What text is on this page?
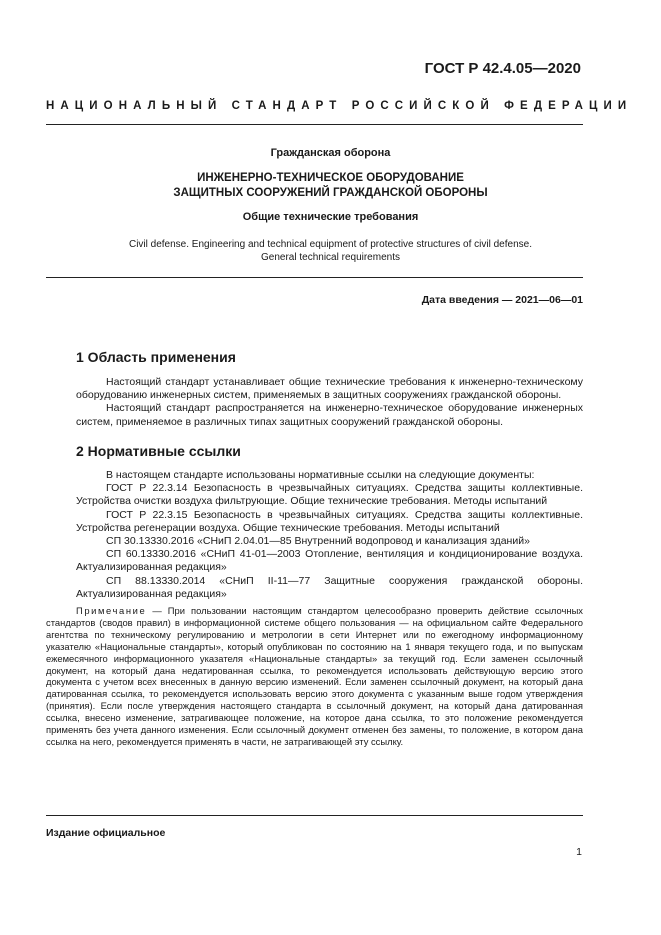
ГОСТ Р 42.4.05—2020
НАЦИОНАЛЬНЫЙ СТАНДАРТ РОССИЙСКОЙ ФЕДЕРАЦИИ
Гражданская оборона
ИНЖЕНЕРНО-ТЕХНИЧЕСКОЕ ОБОРУДОВАНИЕ
ЗАЩИТНЫХ СООРУЖЕНИЙ ГРАЖДАНСКОЙ ОБОРОНЫ
Общие технические требования
Civil defense. Engineering and technical equipment of protective structures of civil defense.
General technical requirements
Дата введения — 2021—06—01
1 Область применения

Настоящий стандарт устанавливает общие технические требования к инженерно-техническому оборудованию инженерных систем, применяемых в защитных сооружениях гражданской обороны.

Настоящий стандарт распространяется на инженерно-техническое оборудование инженерных систем, применяемое в различных типах защитных сооружений гражданской обороны.

2 Нормативные ссылки

В настоящем стандарте использованы нормативные ссылки на следующие документы:

ГОСТ Р 22.3.14 Безопасность в чрезвычайных ситуациях. Средства защиты коллективные. Устройства очистки воздуха фильтрующие. Общие технические требования. Методы испытаний

ГОСТ Р 22.3.15 Безопасность в чрезвычайных ситуациях. Средства защиты коллективные. Устройства регенерации воздуха. Общие технические требования. Методы испытаний

СП 30.13330.2016 «СНиП 2.04.01—85 Внутренний водопровод и канализация зданий»

СП 60.13330.2016 «СНиП 41-01—2003 Отопление, вентиляция и кондиционирование воздуха. Актуализированная редакция»

СП 88.13330.2014 «СНиП II-11—77 Защитные сооружения гражданской обороны. Актуализированная редакция»

Примечание — При пользовании настоящим стандартом целесообразно проверить действие ссылочных стандартов (сводов правил) в информационной системе общего пользования — на официальном сайте Федерального агентства по техническому регулированию и метрологии в сети Интернет или по ежегодному информационному указателю «Национальные стандарты», который опубликован по состоянию на 1 января текущего года, и по выпускам ежемесячного информационного указателя «Национальные стандарты» за текущий год. Если заменен ссылочный документ, на который дана недатированная ссылка, то рекомендуется использовать действующую версию этого документа с учетом всех внесенных в данную версию изменений. Если заменен ссылочный документ, на который дана датированная ссылка, то рекомендуется использовать версию этого документа с указанным выше годом утверждения (принятия). Если после утверждения настоящего стандарта в ссылочный документ, на который дана датированная ссылка, внесено изменение, затрагивающее положение, на которое дана ссылка, то это положение рекомендуется применять без учета данного изменения. Если ссылочный документ отменен без замены, то положение, в котором дана ссылка на него, рекомендуется применять в части, не затрагивающей эту ссылку.

Издание официальное
1
